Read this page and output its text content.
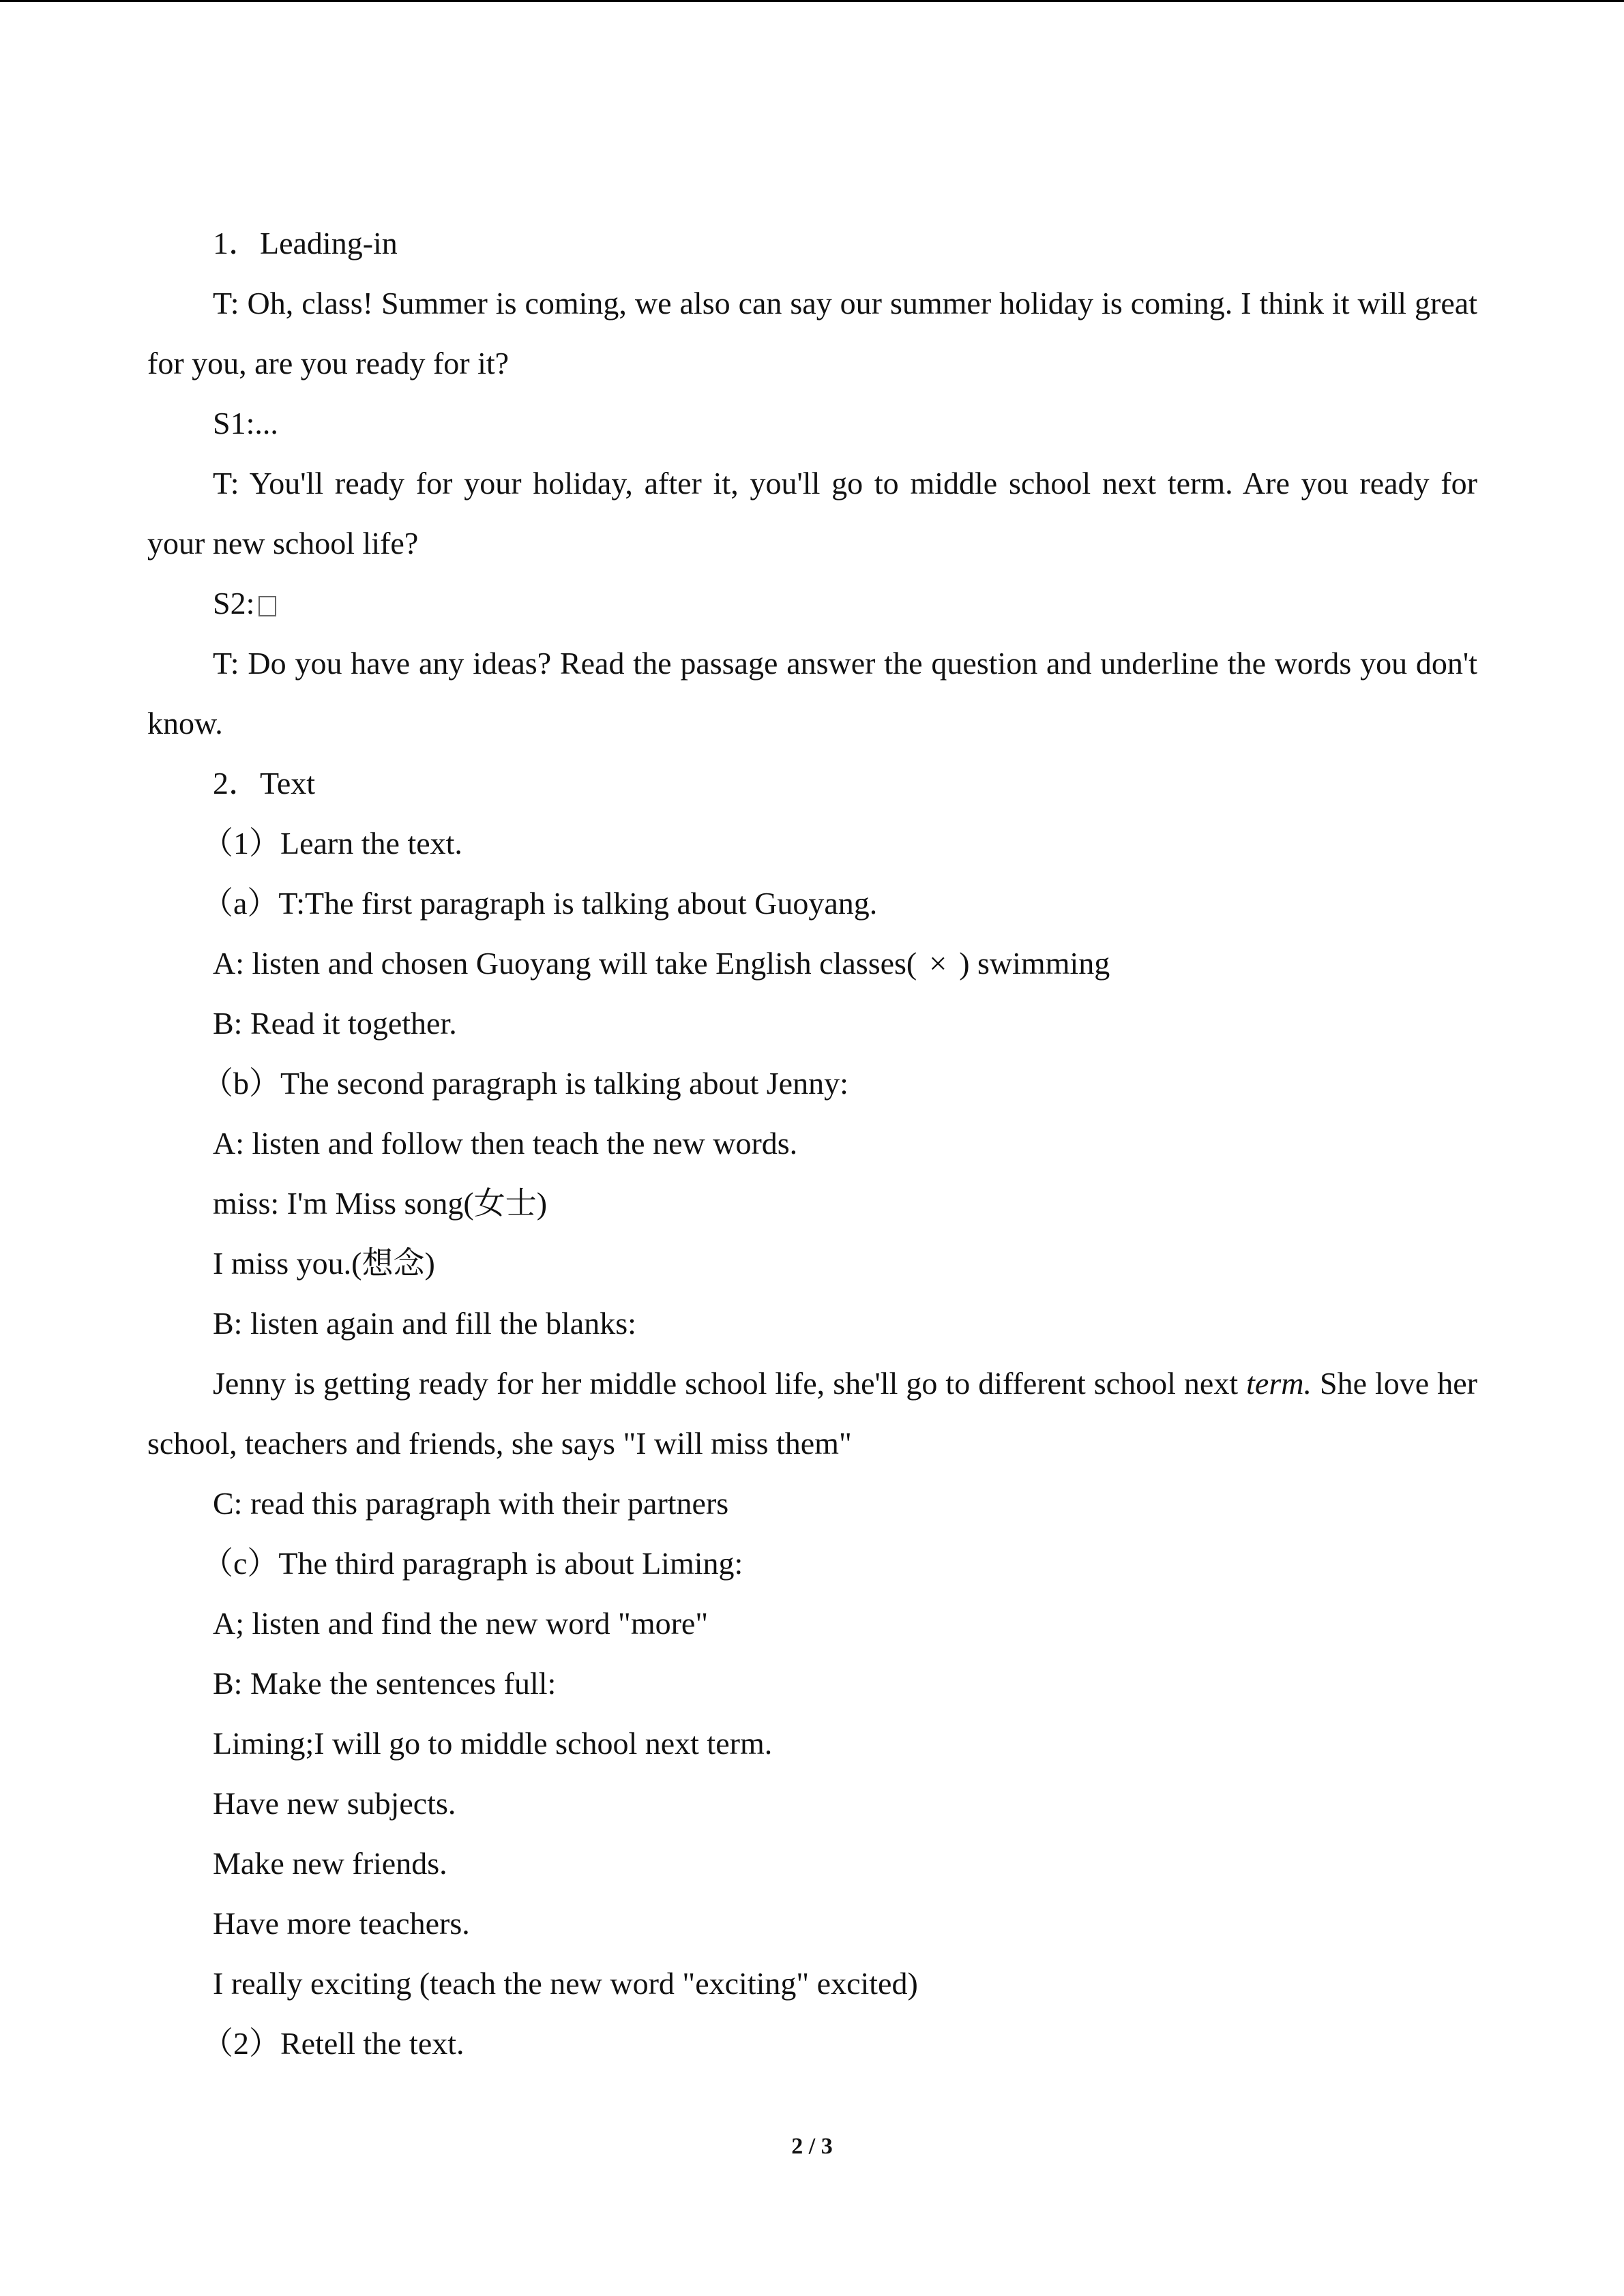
1．Leading-in

T: Oh, class! Summer is coming, we also can say our summer holiday is coming. I think it will great for you, are you ready for it?

S1:...

T: You'll ready for your holiday, after it, you'll go to middle school next term. Are you ready for your new school life?

S2:

T: Do you have any ideas? Read the passage answer the question and underline the words you don't know.

2．Text

（1）Learn the text.

（a）T:The first paragraph is talking about Guoyang.

A: listen and chosen Guoyang will take English classes( × ) swimming

B: Read it together.

（b）The second paragraph is talking about Jenny:

A: listen and follow then teach the new words.

miss: I'm Miss song(女士)

I miss you.(想念)

B: listen again and fill the blanks:

Jenny is getting ready for her middle school life, she'll go to different school next term. She love her school, teachers and friends, she says "I will miss them"

C: read this paragraph with their partners

（c）The third paragraph is about Liming:

A; listen and find the new word "more"

B: Make the sentences full:

Liming;I will go to middle school next term.

Have new subjects.

Make new friends.

Have more teachers.

I really exciting (teach the new word "exciting" excited)

（2）Retell the text.

2 / 3
